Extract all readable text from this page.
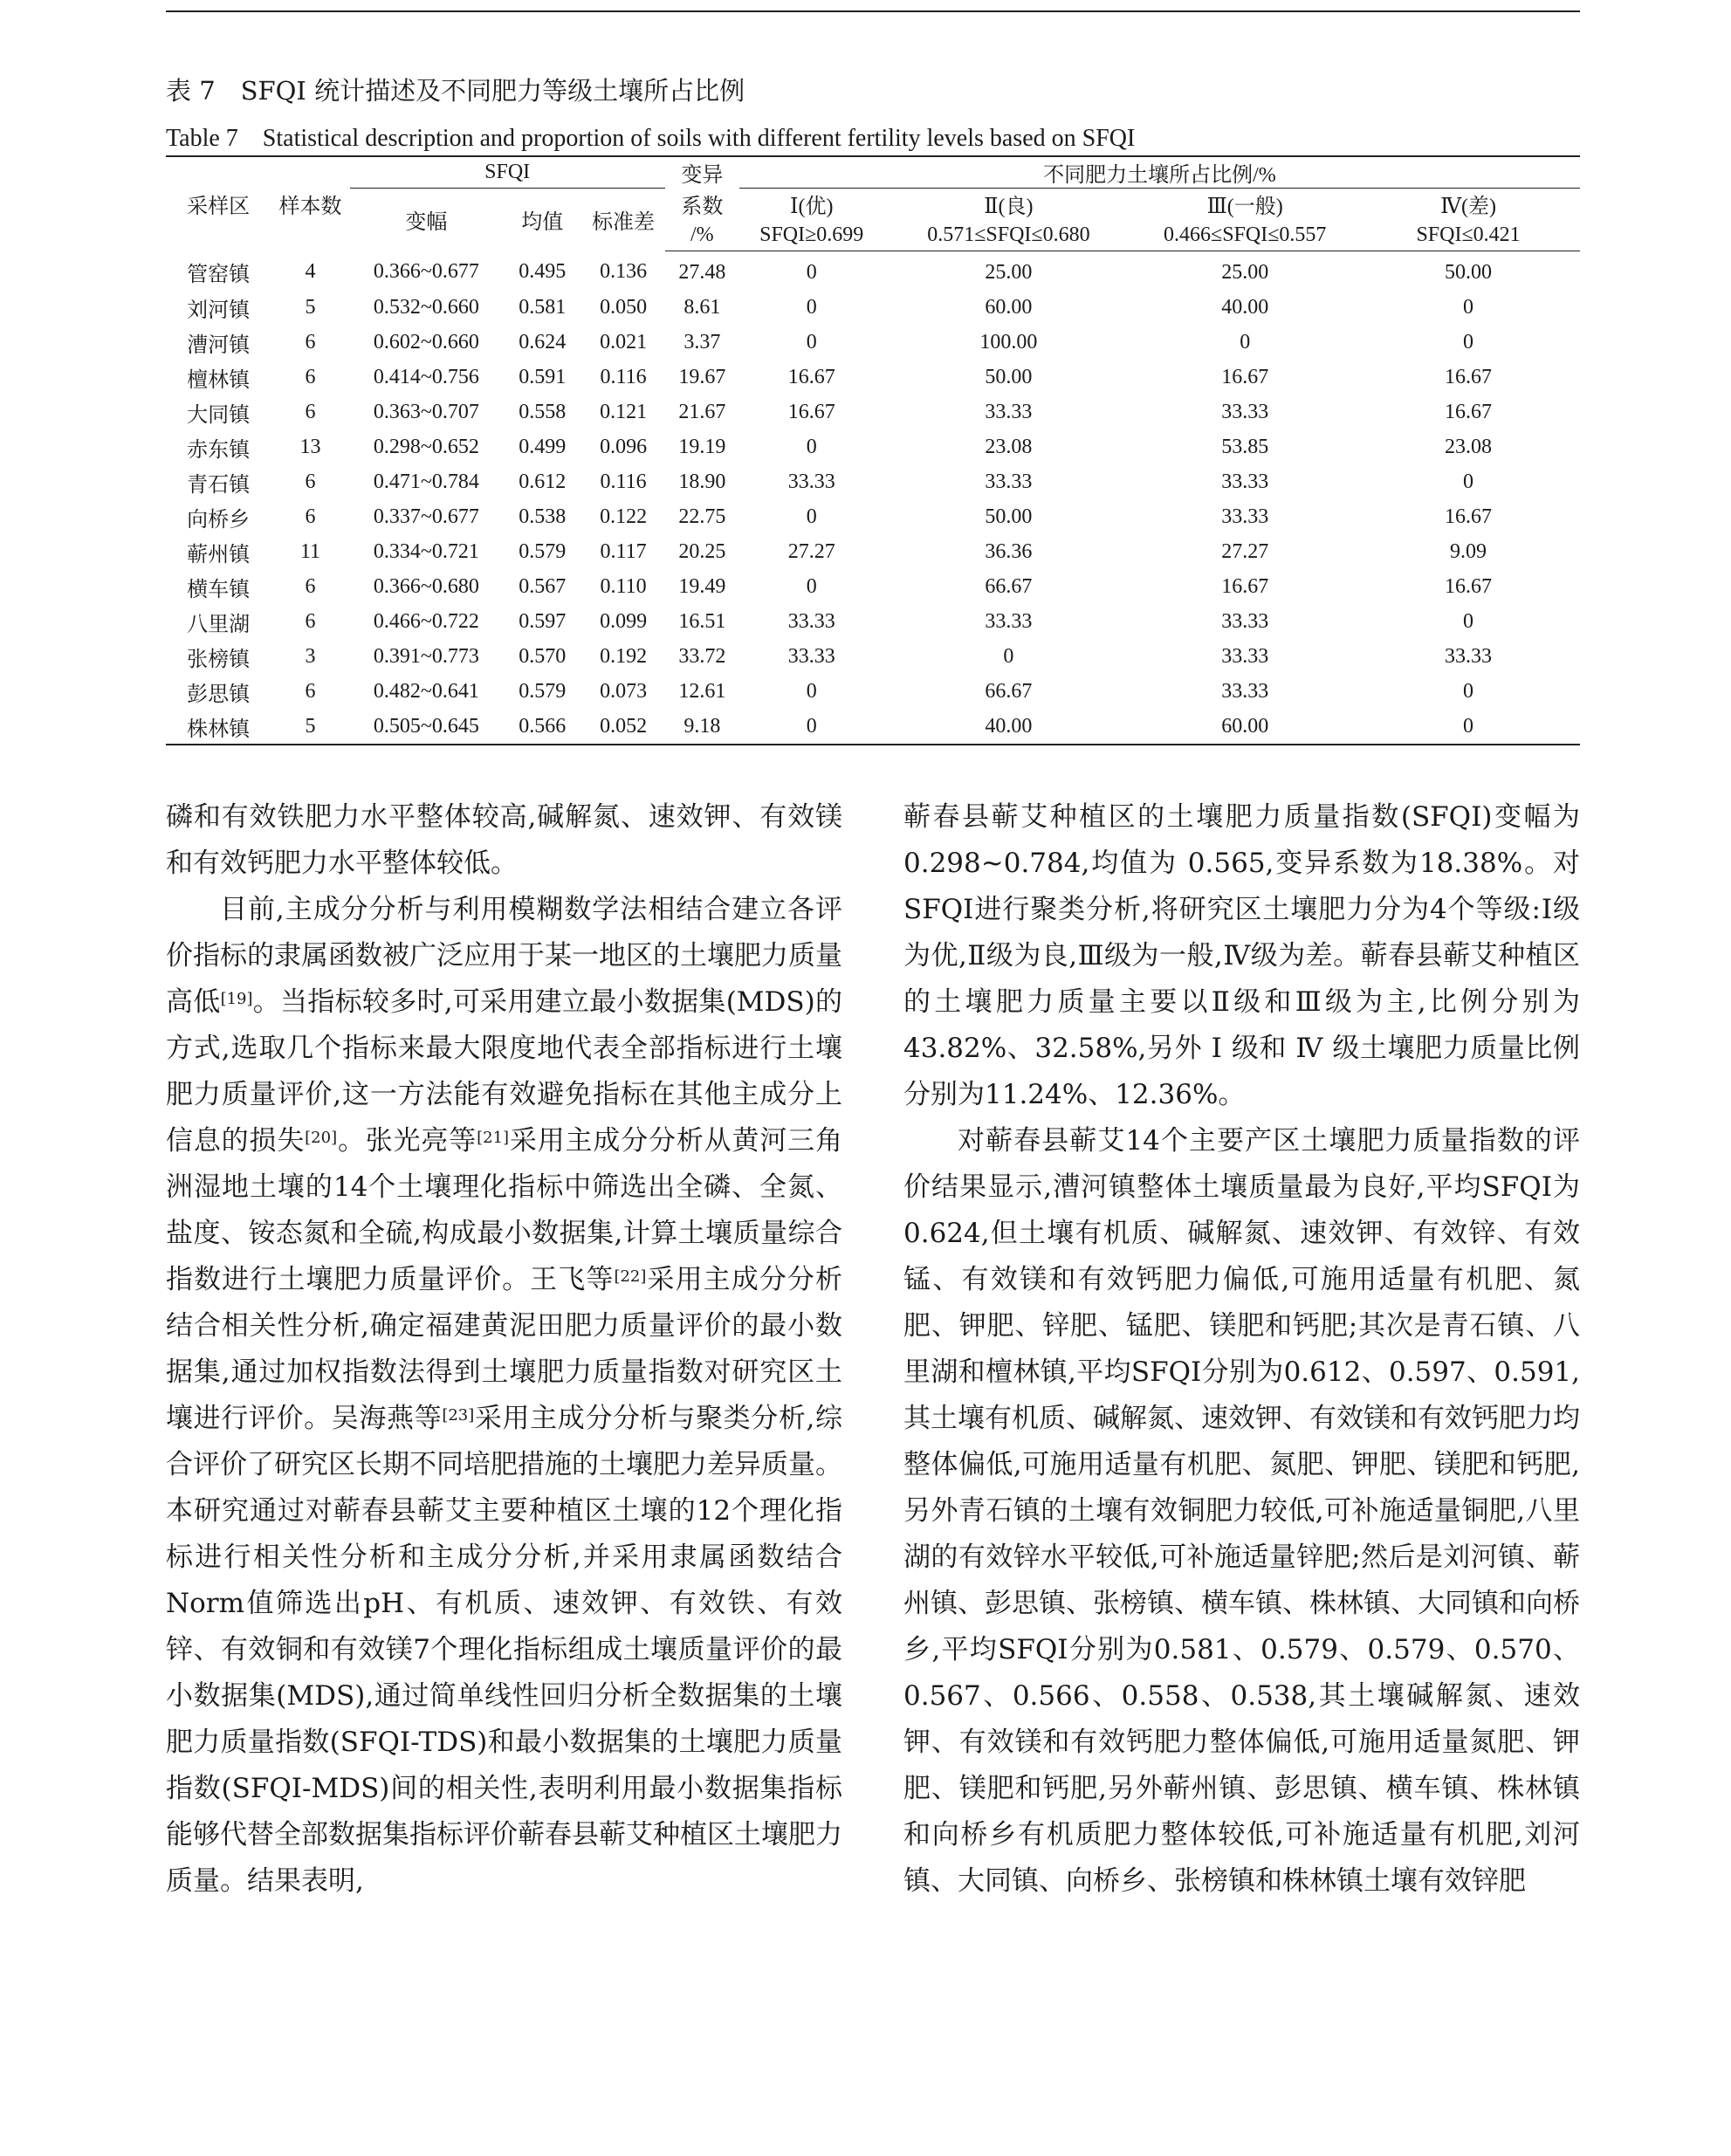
表 7　SFQI 统计描述及不同肥力等级土壤所占比例
Table 7　Statistical description and proportion of soils with different fertility levels based on SFQI
采样区	样本数	SFQI			变异	不同肥力土壤所占比例/%			
		变幅	均值	标准差	系数	Ⅰ(优)	Ⅱ(良)	Ⅲ(一般)	Ⅳ(差)
					/%	SFQI≥0.699	0.571≤SFQI≤0.680	0.466≤SFQI≤0.557	SFQI≤0.421
管窑镇	4	0.366~0.677	0.495	0.136	27.48	0	25.00	25.00	50.00
刘河镇	5	0.532~0.660	0.581	0.050	8.61	0	60.00	40.00	0
漕河镇	6	0.602~0.660	0.624	0.021	3.37	0	100.00	0	0
檀林镇	6	0.414~0.756	0.591	0.116	19.67	16.67	50.00	16.67	16.67
大同镇	6	0.363~0.707	0.558	0.121	21.67	16.67	33.33	33.33	16.67
赤东镇	13	0.298~0.652	0.499	0.096	19.19	0	23.08	53.85	23.08
青石镇	6	0.471~0.784	0.612	0.116	18.90	33.33	33.33	33.33	0
向桥乡	6	0.337~0.677	0.538	0.122	22.75	0	50.00	33.33	16.67
蕲州镇	11	0.334~0.721	0.579	0.117	20.25	27.27	36.36	27.27	9.09
横车镇	6	0.366~0.680	0.567	0.110	19.49	0	66.67	16.67	16.67
八里湖	6	0.466~0.722	0.597	0.099	16.51	33.33	33.33	33.33	0
张榜镇	3	0.391~0.773	0.570	0.192	33.72	33.33	0	33.33	33.33
彭思镇	6	0.482~0.641	0.579	0.073	12.61	0	66.67	33.33	0
株林镇	5	0.505~0.645	0.566	0.052	9.18	0	40.00	60.00	0

磷和有效铁肥力水平整体较高,碱解氮、速效钾、有效镁和有效钙肥力水平整体较低。

目前,主成分分析与利用模糊数学法相结合建立各评价指标的隶属函数被广泛应用于某一地区的土壤肥力质量高低[19]。当指标较多时,可采用建立最小数据集(MDS)的方式,选取几个指标来最大限度地代表全部指标进行土壤肥力质量评价,这一方法能有效避免指标在其他主成分上信息的损失[20]。张光亮等[21]采用主成分分析从黄河三角洲湿地土壤的14个土壤理化指标中筛选出全磷、全氮、盐度、铵态氮和全硫,构成最小数据集,计算土壤质量综合指数进行土壤肥力质量评价。王飞等[22]采用主成分分析结合相关性分析,确定福建黄泥田肥力质量评价的最小数据集,通过加权指数法得到土壤肥力质量指数对研究区土壤进行评价。吴海燕等[23]采用主成分分析与聚类分析,综合评价了研究区长期不同培肥措施的土壤肥力差异质量。本研究通过对蕲春县蕲艾主要种植区土壤的12个理化指标进行相关性分析和主成分分析,并采用隶属函数结合Norm值筛选出pH、有机质、速效钾、有效铁、有效锌、有效铜和有效镁7个理化指标组成土壤质量评价的最小数据集(MDS),通过简单线性回归分析全数据集的土壤肥力质量指数(SFQI-TDS)和最小数据集的土壤肥力质量指数(SFQI-MDS)间的相关性,表明利用最小数据集指标能够代替全部数据集指标评价蕲春县蕲艾种植区土壤肥力质量。结果表明,

蕲春县蕲艾种植区的土壤肥力质量指数(SFQI)变幅为 0.298~0.784,均值为 0.565,变异系数为18.38%。对SFQI进行聚类分析,将研究区土壤肥力分为4个等级:Ⅰ级为优,Ⅱ级为良,Ⅲ级为一般,Ⅳ级为差。蕲春县蕲艾种植区的土壤肥力质量主要以Ⅱ级和Ⅲ级为主,比例分别为43.82%、32.58%,另外 Ⅰ 级和 Ⅳ 级土壤肥力质量比例分别为11.24%、12.36%。

对蕲春县蕲艾14个主要产区土壤肥力质量指数的评价结果显示,漕河镇整体土壤质量最为良好,平均SFQI为0.624,但土壤有机质、碱解氮、速效钾、有效锌、有效锰、有效镁和有效钙肥力偏低,可施用适量有机肥、氮肥、钾肥、锌肥、锰肥、镁肥和钙肥;其次是青石镇、八里湖和檀林镇,平均SFQI分别为0.612、0.597、0.591,其土壤有机质、碱解氮、速效钾、有效镁和有效钙肥力均整体偏低,可施用适量有机肥、氮肥、钾肥、镁肥和钙肥,另外青石镇的土壤有效铜肥力较低,可补施适量铜肥,八里湖的有效锌水平较低,可补施适量锌肥;然后是刘河镇、蕲州镇、彭思镇、张榜镇、横车镇、株林镇、大同镇和向桥乡,平均SFQI分别为0.581、0.579、0.579、0.570、0.567、0.566、0.558、0.538,其土壤碱解氮、速效钾、有效镁和有效钙肥力整体偏低,可施用适量氮肥、钾肥、镁肥和钙肥,另外蕲州镇、彭思镇、横车镇、株林镇和向桥乡有机质肥力整体较低,可补施适量有机肥,刘河镇、大同镇、向桥乡、张榜镇和株林镇土壤有效锌肥
